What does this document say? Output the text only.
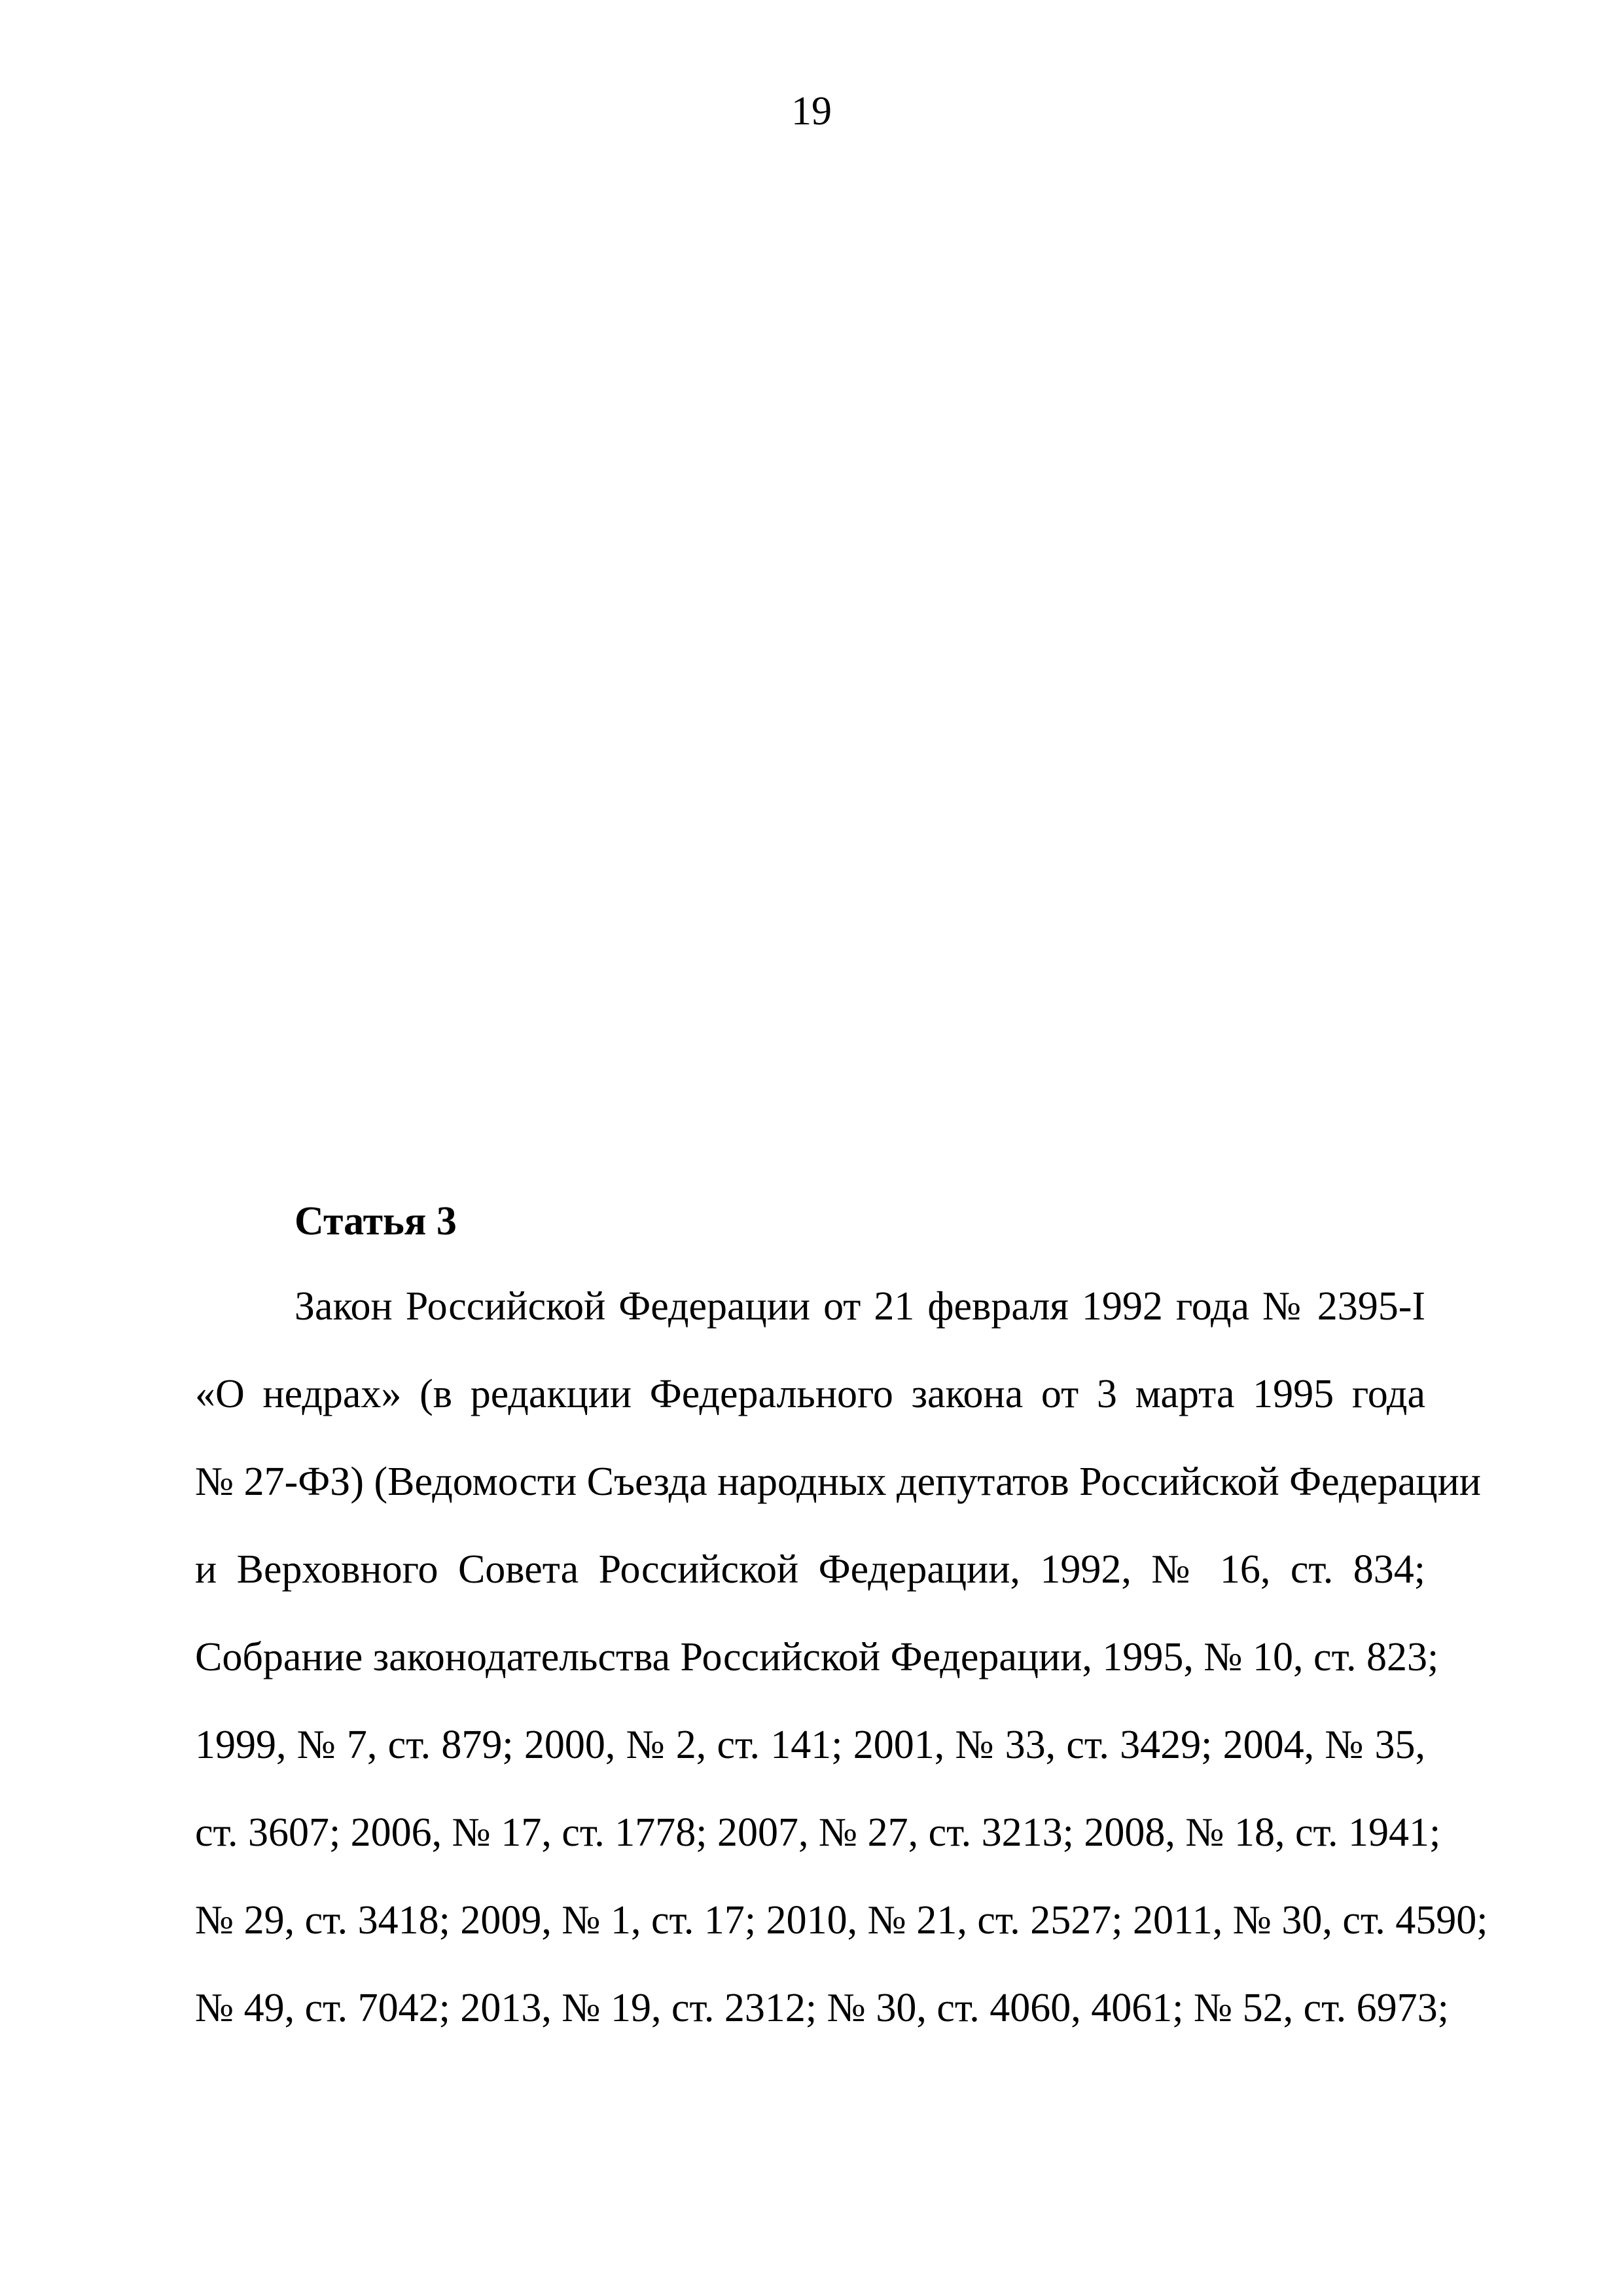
19
Статья 3
Закон Российской Федерации от 21 февраля 1992 года № 2395-I
«О недрах» (в редакции Федерального закона от 3 марта 1995 года
№ 27-ФЗ) (Ведомости Съезда народных депутатов Российской Федерации
и Верховного Совета Российской Федерации, 1992, № 16, ст. 834;
Собрание законодательства Российской Федерации, 1995, № 10, ст. 823;
1999, № 7, ст. 879; 2000, № 2, ст. 141; 2001, № 33, ст. 3429; 2004, № 35,
ст. 3607; 2006, № 17, ст. 1778; 2007, № 27, ст. 3213; 2008, № 18, ст. 1941;
№ 29, ст. 3418; 2009, № 1, ст. 17; 2010, № 21, ст. 2527; 2011, № 30, ст. 4590;
№ 49, ст. 7042; 2013, № 19, ст. 2312; № 30, ст. 4060, 4061; № 52, ст. 6973;
